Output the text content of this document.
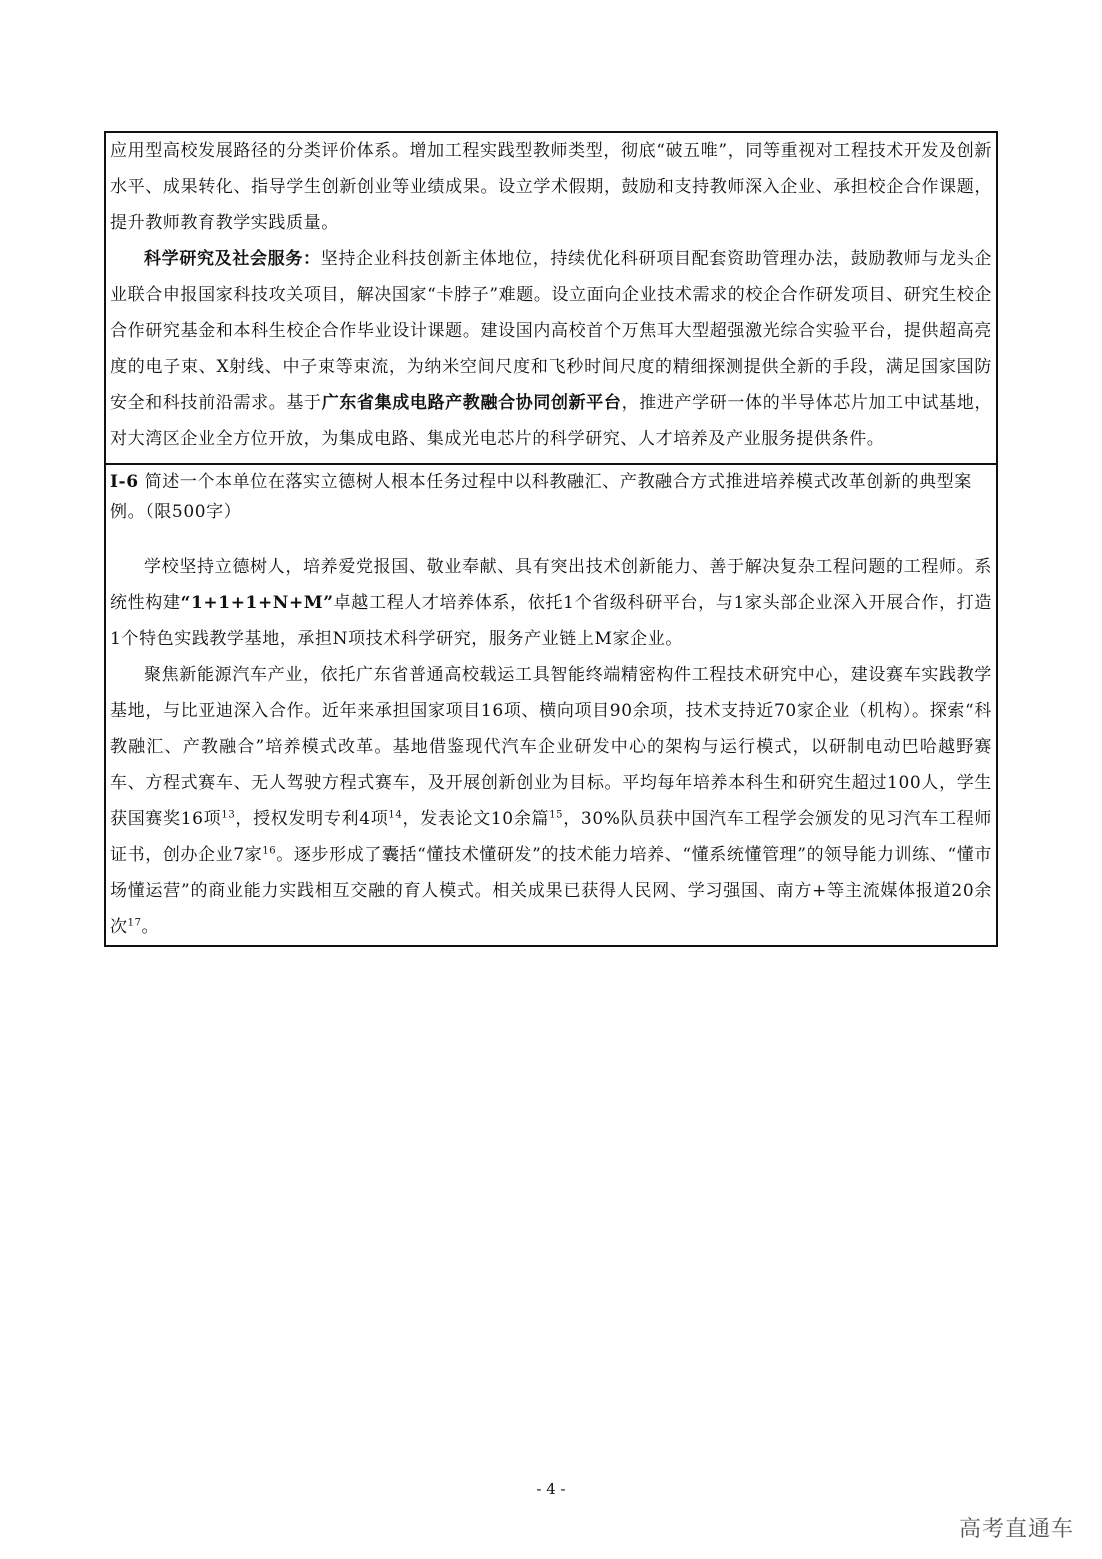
应用型高校发展路径的分类评价体系。增加工程实践型教师类型，彻底“破五唯”，同等重视对工程技术开发及创新水平、成果转化、指导学生创新创业等业绩成果。设立学术假期，鼓励和支持教师深入企业、承担校企合作课题，提升教师教育教学实践质量。

科学研究及社会服务：坚持企业科技创新主体地位，持续优化科研项目配套资助管理办法，鼓励教师与龙头企业联合申报国家科技攻关项目，解决国家“卡脖子”难题。设立面向企业技术需求的校企合作研发项目、研究生校企合作研究基金和本科生校企合作毕业设计课题。建设国内高校首个万焦耳大型超强激光综合实验平台，提供超高亮度的电子束、X射线、中子束等束流，为纳米空间尺度和飞秒时间尺度的精细探测提供全新的手段，满足国家国防安全和科技前沿需求。基于广东省集成电路产教融合协同创新平台，推进产学研一体的半导体芯片加工中试基地，对大湾区企业全方位开放，为集成电路、集成光电芯片的科学研究、人才培养及产业服务提供条件。

I-6 简述一个本单位在落实立德树人根本任务过程中以科教融汇、产教融合方式推进培养模式改革创新的典型案例。（限500字）

学校坚持立德树人，培养爱党报国、敬业奉献、具有突出技术创新能力、善于解决复杂工程问题的工程师。系统性构建“1+1+1+N+M”卓越工程人才培养体系，依托1个省级科研平台，与1家头部企业深入开展合作，打造1个特色实践教学基地，承担N项技术科学研究，服务产业链上M家企业。

聚焦新能源汽车产业，依托广东省普通高校载运工具智能终端精密构件工程技术研究中心，建设赛车实践教学基地，与比亚迪深入合作。近年来承担国家项目16项、横向项目90余项，技术支持近70家企业（机构）。探索“科教融汇、产教融合”培养模式改革。基地借鉴现代汽车企业研发中心的架构与运行模式，以研制电动巴哈越野赛车、方程式赛车、无人驾驶方程式赛车，及开展创新创业为目标。平均每年培养本科生和研究生超过100人，学生获国赛奖16项$^{13}$，授权发明专利4项$^{14}$，发表论文10余篇$^{15}$，30%队员获中国汽车工程学会颁发的见习汽车工程师证书，创办企业7家$^{16}$。逐步形成了囊括“懂技术懂研发”的技术能力培养、“懂系统懂管理”的领导能力训练、“懂市场懂运营”的商业能力实践相互交融的育人模式。相关成果已获得人民网、学习强国、南方+等主流媒体报道20余次$^{17}$。

- 4 -
高考直通车
